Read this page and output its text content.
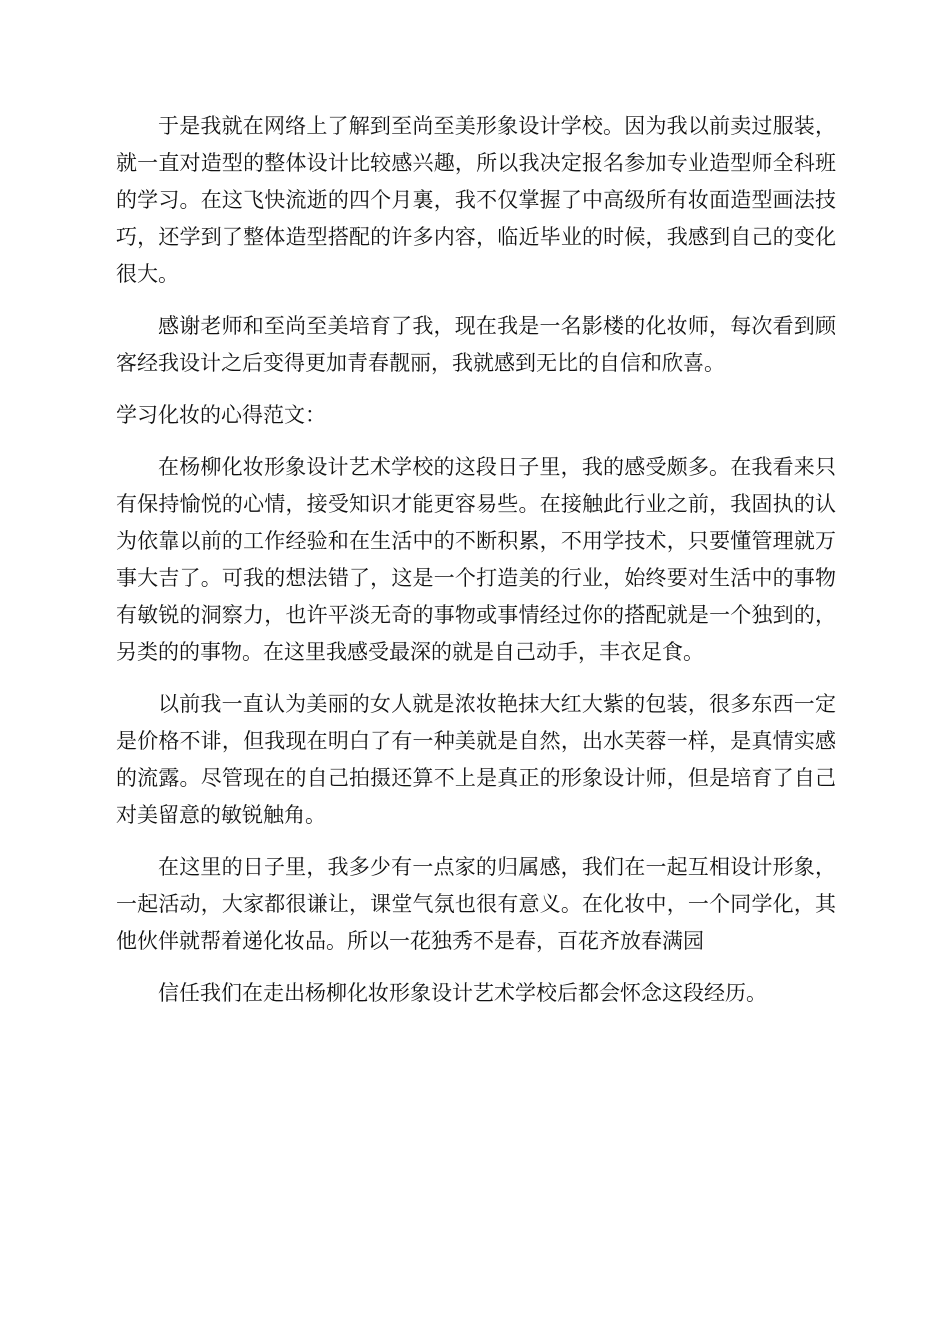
于是我就在网络上了解到至尚至美形象设计学校。因为我以前卖过服装，就一直对造型的整体设计比较感兴趣，所以我决定报名参加专业造型师全科班的学习。在这飞快流逝的四个月裏，我不仅掌握了中高级所有妆面造型画法技巧，还学到了整体造型搭配的许多内容，临近毕业的时候，我感到自己的变化很大。

感谢老师和至尚至美培育了我，现在我是一名影楼的化妆师，每次看到顾客经我设计之后变得更加青春靓丽，我就感到无比的自信和欣喜。

学习化妆的心得范文：

在杨柳化妆形象设计艺术学校的这段日子里，我的感受颇多。在我看来只有保持愉悦的心情，接受知识才能更容易些。在接触此行业之前，我固执的认为依靠以前的工作经验和在生活中的不断积累，不用学技术，只要懂管理就万事大吉了。可我的想法错了，这是一个打造美的行业，始终要对生活中的事物有敏锐的洞察力，也许平淡无奇的事物或事情经过你的搭配就是一个独到的，另类的的事物。在这里我感受最深的就是自己动手，丰衣足食。

以前我一直认为美丽的女人就是浓妆艳抹大红大紫的包装，很多东西一定是价格不诽，但我现在明白了有一种美就是自然，出水芙蓉一样，是真情实感的流露。尽管现在的自己拍摄还算不上是真正的形象设计师，但是培育了自己对美留意的敏锐触角。

在这里的日子里，我多少有一点家的归属感，我们在一起互相设计形象，一起活动，大家都很谦让，课堂气氛也很有意义。在化妆中，一个同学化，其他伙伴就帮着递化妆品。所以一花独秀不是春，百花齐放春满园

信任我们在走出杨柳化妆形象设计艺术学校后都会怀念这段经历。
